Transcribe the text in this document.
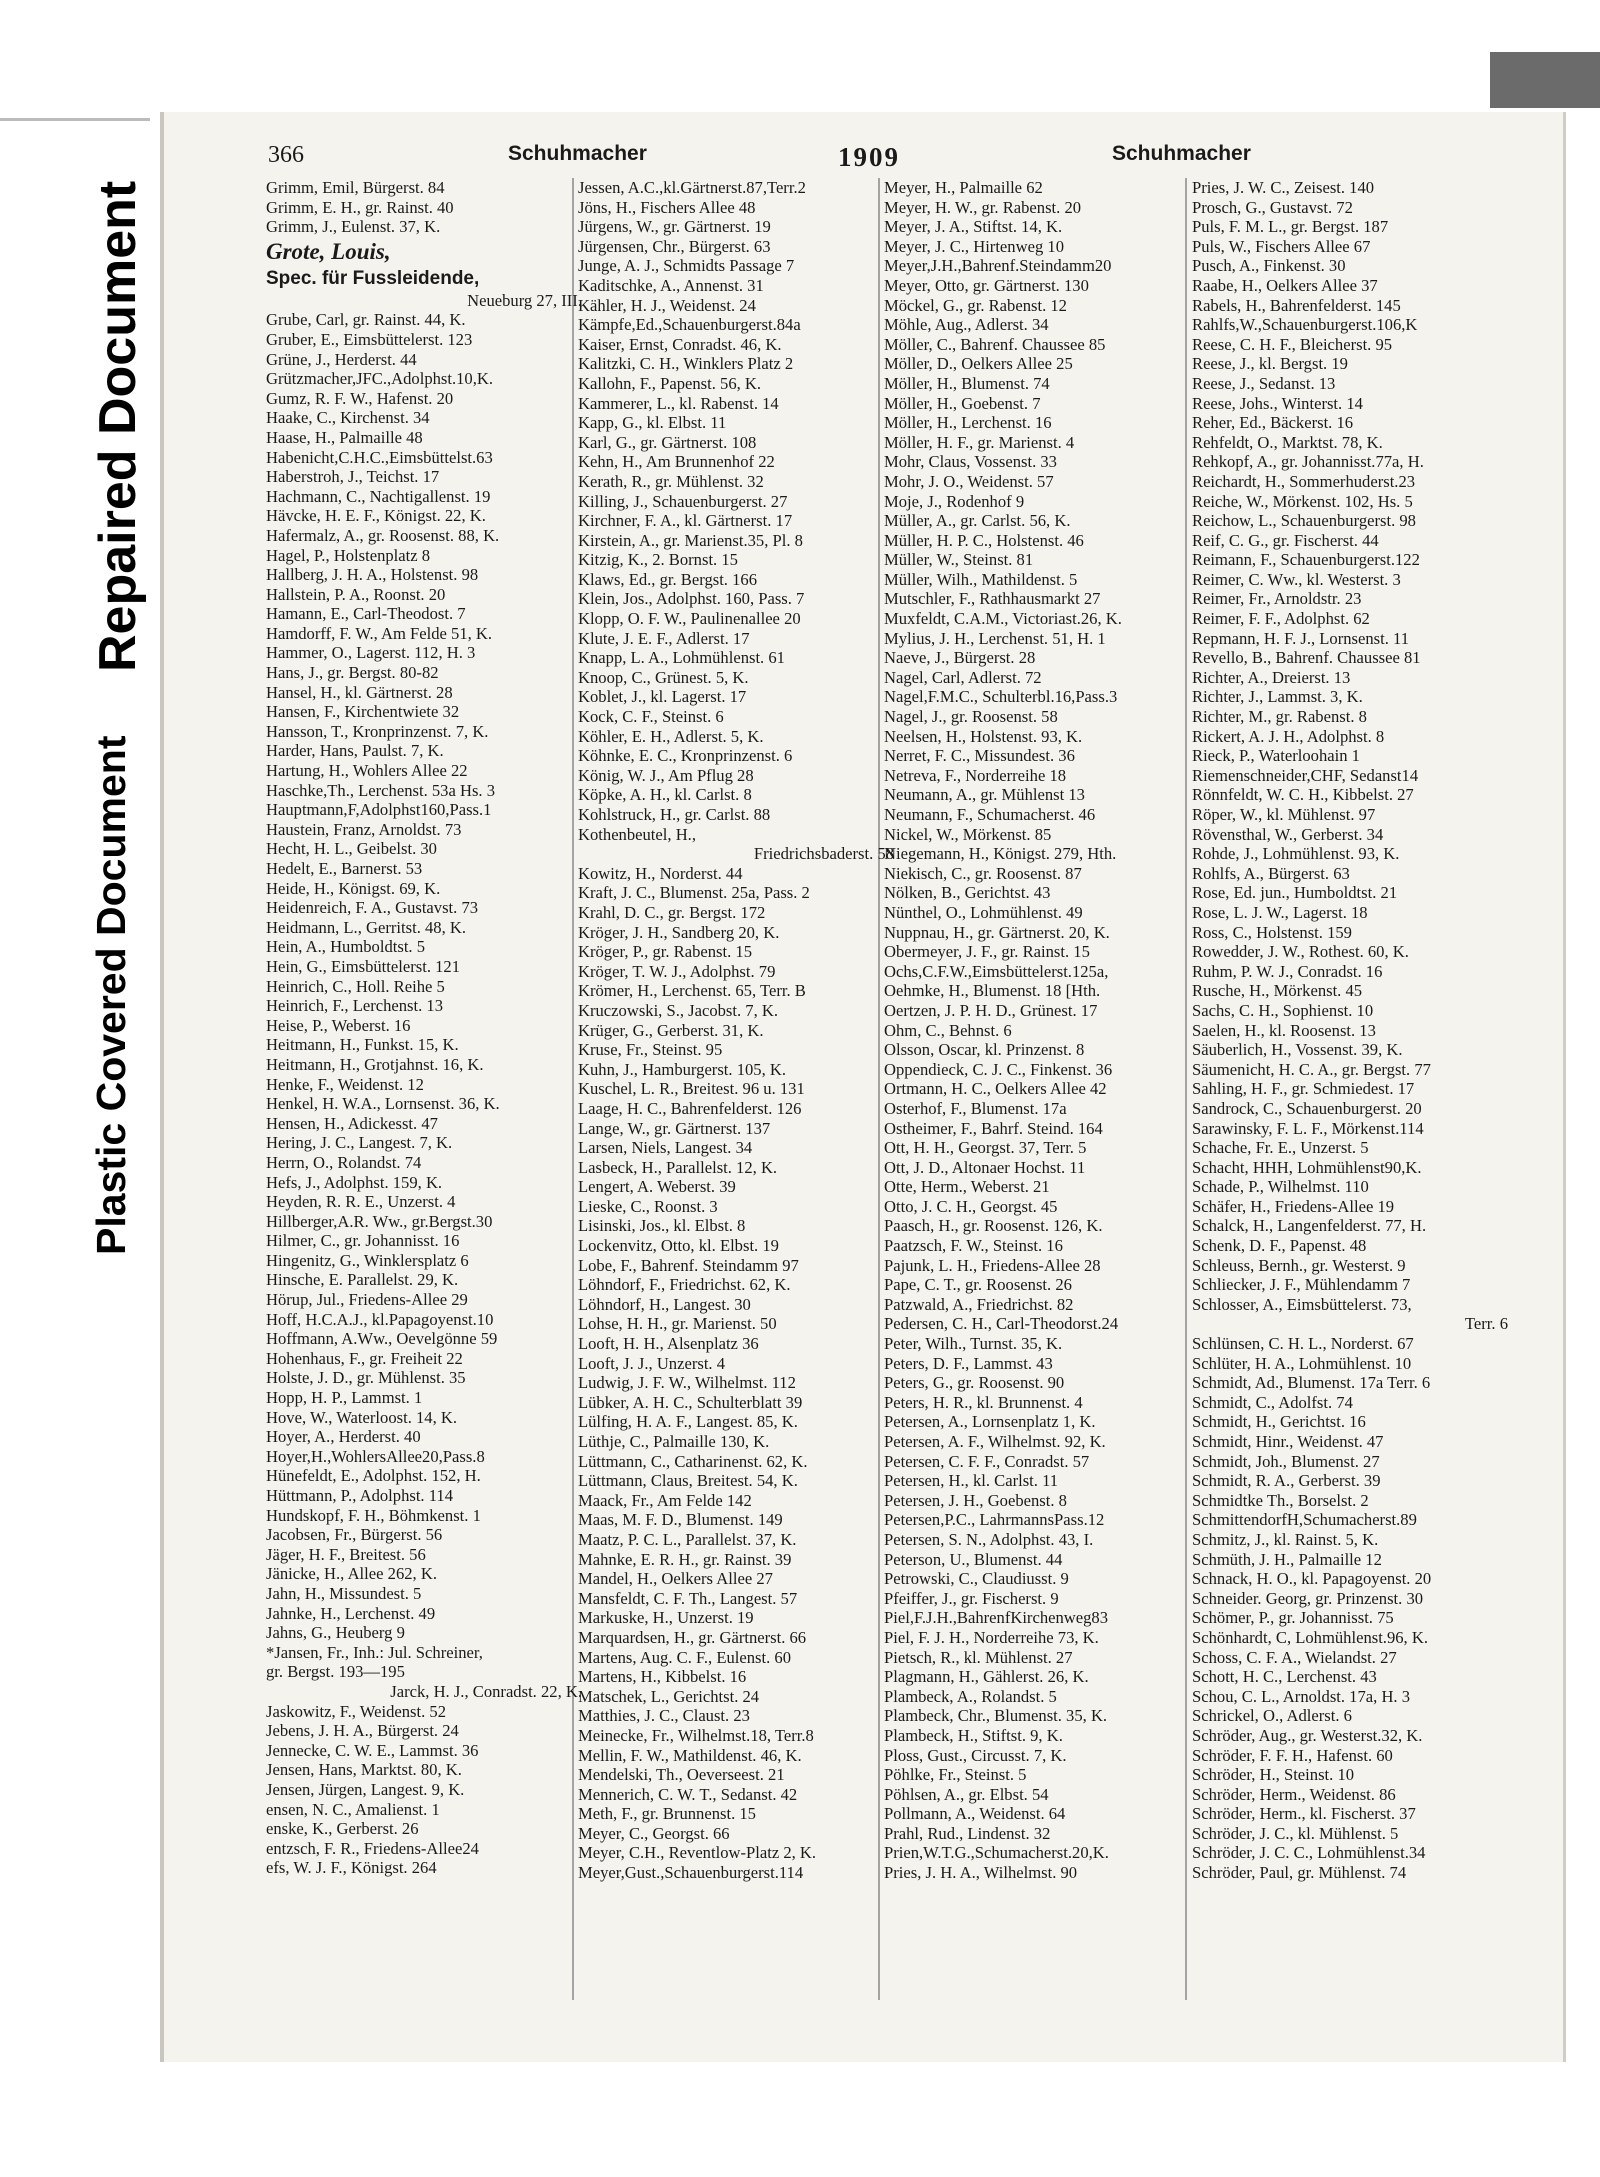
Plastic Covered Document
Repaired Document
366	Schuhmacher	1909	Schuhmacher
Grimm, Emil, Bürgerst. 84
Grimm, E. H., gr. Rainst. 40
Grimm, J., Eulenst. 37, K.
Grote, Louis,
Spec. für Fussleidende,
Neueburg 27, III.
Grube, Carl, gr. Rainst. 44, K.
Gruber, E., Eimsbüttelerst. 123
Grüne, J., Herderst. 44
Grützmacher,JFC.,Adolphst.10,K.
Gumz, R. F. W., Hafenst. 20
Haake, C., Kirchenst. 34
Haase, H., Palmaille 48
Habenicht,C.H.C.,Eimsbüttelst.63
Haberstroh, J., Teichst. 17
Hachmann, C., Nachtigallenst. 19
Hävcke, H. E. F., Königst. 22, K.
Hafermalz, A., gr. Roosenst. 88, K.
Hagel, P., Holstenplatz 8
Hallberg, J. H. A., Holstenst. 98
Hallstein, P. A., Roonst. 20
Hamann, E., Carl-Theodost. 7
Hamdorff, F. W., Am Felde 51, K.
Hammer, O., Lagerst. 112, H. 3
Hans, J., gr. Bergst. 80-82
Hansel, H., kl. Gärtnerst. 28
Hansen, F., Kirchentwiete 32
Hansson, T., Kronprinzenst. 7, K.
Harder, Hans, Paulst. 7, K.
Hartung, H., Wohlers Allee 22
Haschke,Th., Lerchenst. 53a Hs. 3
Hauptmann,F,Adolphst160,Pass.1
Haustein, Franz, Arnoldst. 73
Hecht, H. L., Geibelst. 30
Hedelt, E., Barnerst. 53
Heide, H., Königst. 69, K.
Heidenreich, F. A., Gustavst. 73
Heidmann, L., Gerritst. 48, K.
Hein, A., Humboldtst. 5
Hein, G., Eimsbüttelerst. 121
Heinrich, C., Holl. Reihe 5
Heinrich, F., Lerchenst. 13
Heise, P., Weberst. 16
Heitmann, H., Funkst. 15, K.
Heitmann, H., Grotjahnst. 16, K.
Henke, F., Weidenst. 12
Henkel, H. W.A., Lornsenst. 36, K.
Hensen, H., Adickesst. 47
Hering, J. C., Langest. 7, K.
Herrn, O., Rolandst. 74
Hefs, J., Adolphst. 159, K.
Heyden, R. R. E., Unzerst. 4
Hillberger,A.R. Ww., gr.Bergst.30
Hilmer, C., gr. Johannisst. 16
Hingenitz, G., Winklersplatz 6
Hinsche, E. Parallelst. 29, K.
Hörup, Jul., Friedens-Allee 29
Hoff, H.C.A.J., kl.Papagoyenst.10
Hoffmann, A.Ww., Oevelgönne 59
Hohenhaus, F., gr. Freiheit 22
Holste, J. D., gr. Mühlenst. 35
Hopp, H. P., Lammst. 1
Hove, W., Waterloost. 14, K.
Hoyer, A., Herderst. 40
Hoyer,H.,WohlersAllee20,Pass.8
Hünefeldt, E., Adolphst. 152, H.
Hüttmann, P., Adolphst. 114
Hundskopf, F. H., Böhmkenst. 1
Jacobsen, Fr., Bürgerst. 56
Jäger, H. F., Breitest. 56
Jänicke, H., Allee 262, K.
Jahn, H., Missundest. 5
Jahnke, H., Lerchenst. 49
Jahns, G., Heuberg 9
*Jansen, Fr., Inh.: Jul. Schreiner,
gr. Bergst. 193—195
Jarck, H. J., Conradst. 22, K.
Jaskowitz, F., Weidenst. 52
Jebens, J. H. A., Bürgerst. 24
Jennecke, C. W. E., Lammst. 36
Jensen, Hans, Marktst. 80, K.
Jensen, Jürgen, Langest. 9, K.
ensen, N. C., Amalienst. 1
enske, K., Gerberst. 26
entzsch, F. R., Friedens-Allee24
efs, W. J. F., Königst. 264
Jessen, A.C.,kl.Gärtnerst.87,Terr.2
Jöns, H., Fischers Allee 48
Jürgens, W., gr. Gärtnerst. 19
Jürgensen, Chr., Bürgerst. 63
Junge, A. J., Schmidts Passage 7
Kaditschke, A., Annenst. 31
Kähler, H. J., Weidenst. 24
Kämpfe,Ed.,Schauenburgerst.84a
Kaiser, Ernst, Conradst. 46, K.
Kalitzki, C. H., Winklers Platz 2
Kallohn, F., Papenst. 56, K.
Kammerer, L., kl. Rabenst. 14
Kapp, G., kl. Elbst. 11
Karl, G., gr. Gärtnerst. 108
Kehn, H., Am Brunnenhof 22
Kerath, R., gr. Mühlenst. 32
Killing, J., Schauenburgerst. 27
Kirchner, F. A., kl. Gärtnerst. 17
Kirstein, A., gr. Marienst.35, Pl. 8
Kitzig, K., 2. Bornst. 15
Klaws, Ed., gr. Bergst. 166
Klein, Jos., Adolphst. 160, Pass. 7
Klopp, O. F. W., Paulinenallee 20
Klute, J. E. F., Adlerst. 17
Knapp, L. A., Lohmühlenst. 61
Knoop, C., Grünest. 5, K.
Koblet, J., kl. Lagerst. 17
Kock, C. F., Steinst. 6
Köhler, E. H., Adlerst. 5, K.
Köhnke, E. C., Kronprinzenst. 6
König, W. J., Am Pflug 28
Köpke, A. H., kl. Carlst. 8
Kohlstruck, H., gr. Carlst. 88
Kothenbeutel, H.,
Friedrichsbaderst. 58
Kowitz, H., Norderst. 44
Kraft, J. C., Blumenst. 25a, Pass. 2
Krahl, D. C., gr. Bergst. 172
Kröger, J. H., Sandberg 20, K.
Kröger, P., gr. Rabenst. 15
Kröger, T. W. J., Adolphst. 79
Krömer, H., Lerchenst. 65, Terr. B
Kruczowski, S., Jacobst. 7, K.
Krüger, G., Gerberst. 31, K.
Kruse, Fr., Steinst. 95
Kuhn, J., Hamburgerst. 105, K.
Kuschel, L. R., Breitest. 96 u. 131
Laage, H. C., Bahrenfelderst. 126
Lange, W., gr. Gärtnerst. 137
Larsen, Niels, Langest. 34
Lasbeck, H., Parallelst. 12, K.
Lengert, A. Weberst. 39
Lieske, C., Roonst. 3
Lisinski, Jos., kl. Elbst. 8
Lockenvitz, Otto, kl. Elbst. 19
Lobe, F., Bahrenf. Steindamm 97
Löhndorf, F., Friedrichst. 62, K.
Löhndorf, H., Langest. 30
Lohse, H. H., gr. Marienst. 50
Looft, H. H., Alsenplatz 36
Looft, J. J., Unzerst. 4
Ludwig, J. F. W., Wilhelmst. 112
Lübker, A. H. C., Schulterblatt 39
Lülfing, H. A. F., Langest. 85, K.
Lüthje, C., Palmaille 130, K.
Lüttmann, C., Catharinenst. 62, K.
Lüttmann, Claus, Breitest. 54, K.
Maack, Fr., Am Felde 142
Maas, M. F. D., Blumenst. 149
Maatz, P. C. L., Parallelst. 37, K.
Mahnke, E. R. H., gr. Rainst. 39
Mandel, H., Oelkers Allee 27
Mansfeldt, C. F. Th., Langest. 57
Markuske, H., Unzerst. 19
Marquardsen, H., gr. Gärtnerst. 66
Martens, Aug. C. F., Eulenst. 60
Martens, H., Kibbelst. 16
Matschek, L., Gerichtst. 24
Matthies, J. C., Claust. 23
Meinecke, Fr., Wilhelmst.18, Terr.8
Mellin, F. W., Mathildenst. 46, K.
Mendelski, Th., Oeverseest. 21
Mennerich, C. W. T., Sedanst. 42
Meth, F., gr. Brunnenst. 15
Meyer, C., Georgst. 66
Meyer, C.H., Reventlow-Platz 2, K.
Meyer,Gust.,Schauenburgerst.114
Meyer, H., Palmaille 62
Meyer, H. W., gr. Rabenst. 20
Meyer, J. A., Stiftst. 14, K.
Meyer, J. C., Hirtenweg 10
Meyer,J.H.,Bahrenf.Steindamm20
Meyer, Otto, gr. Gärtnerst. 130
Möckel, G., gr. Rabenst. 12
Möhle, Aug., Adlerst. 34
Möller, C., Bahrenf. Chaussee 85
Möller, D., Oelkers Allee 25
Möller, H., Blumenst. 74
Möller, H., Goebenst. 7
Möller, H., Lerchenst. 16
Möller, H. F., gr. Marienst. 4
Mohr, Claus, Vossenst. 33
Mohr, J. O., Weidenst. 57
Moje, J., Rodenhof 9
Müller, A., gr. Carlst. 56, K.
Müller, H. P. C., Holstenst. 46
Müller, W., Steinst. 81
Müller, Wilh., Mathildenst. 5
Mutschler, F., Rathhausmarkt 27
Muxfeldt, C.A.M., Victoriast.26, K.
Mylius, J. H., Lerchenst. 51, H. 1
Naeve, J., Bürgerst. 28
Nagel, Carl, Adlerst. 72
Nagel,F.M.C., Schulterbl.16,Pass.3
Nagel, J., gr. Roosenst. 58
Neelsen, H., Holstenst. 93, K.
Nerret, F. C., Missundest. 36
Netreva, F., Norderreihe 18
Neumann, A., gr. Mühlenst 13
Neumann, F., Schumacherst. 46
Nickel, W., Mörkenst. 85
Niegemann, H., Königst. 279, Hth.
Niekisch, C., gr. Roosenst. 87
Nölken, B., Gerichtst. 43
Nünthel, O., Lohmühlenst. 49
Nuppnau, H., gr. Gärtnerst. 20, K.
Obermeyer, J. F., gr. Rainst. 15
Ochs,C.F.W.,Eimsbüttelerst.125a,
Oehmke, H., Blumenst. 18 [Hth.
Oertzen, J. P. H. D., Grünest. 17
Ohm, C., Behnst. 6
Olsson, Oscar, kl. Prinzenst. 8
Oppendieck, C. J. C., Finkenst. 36
Ortmann, H. C., Oelkers Allee 42
Osterhof, F., Blumenst. 17a
Ostheimer, F., Bahrf. Steind. 164
Ott, H. H., Georgst. 37, Terr. 5
Ott, J. D., Altonaer Hochst. 11
Otte, Herm., Weberst. 21
Otto, J. C. H., Georgst. 45
Paasch, H., gr. Roosenst. 126, K.
Paatzsch, F. W., Steinst. 16
Pajunk, L. H., Friedens-Allee 28
Pape, C. T., gr. Roosenst. 26
Patzwald, A., Friedrichst. 82
Pedersen, C. H., Carl-Theodorst.24
Peter, Wilh., Turnst. 35, K.
Peters, D. F., Lammst. 43
Peters, G., gr. Roosenst. 90
Peters, H. R., kl. Brunnenst. 4
Petersen, A., Lornsenplatz 1, K.
Petersen, A. F., Wilhelmst. 92, K.
Petersen, C. F. F., Conradst. 57
Petersen, H., kl. Carlst. 11
Petersen, J. H., Goebenst. 8
Petersen,P.C., LahrmannsPass.12
Petersen, S. N., Adolphst. 43, I.
Peterson, U., Blumenst. 44
Petrowski, C., Claudiusst. 9
Pfeiffer, J., gr. Fischerst. 9
Piel,F.J.H.,BahrenfKirchenweg83
Piel, F. J. H., Norderreihe 73, K.
Pietsch, R., kl. Mühlenst. 27
Plagmann, H., Gählerst. 26, K.
Plambeck, A., Rolandst. 5
Plambeck, Chr., Blumenst. 35, K.
Plambeck, H., Stiftst. 9, K.
Ploss, Gust., Circusst. 7, K.
Pöhlke, Fr., Steinst. 5
Pöhlsen, A., gr. Elbst. 54
Pollmann, A., Weidenst. 64
Prahl, Rud., Lindenst. 32
Prien,W.T.G.,Schumacherst.20,K.
Pries, J. H. A., Wilhelmst. 90
Pries, J. W. C., Zeisest. 140
Prosch, G., Gustavst. 72
Puls, F. M. L., gr. Bergst. 187
Puls, W., Fischers Allee 67
Pusch, A., Finkenst. 30
Raabe, H., Oelkers Allee 37
Rabels, H., Bahrenfelderst. 145
Rahlfs,W.,Schauenburgerst.106,K
Reese, C. H. F., Bleicherst. 95
Reese, J., kl. Bergst. 19
Reese, J., Sedanst. 13
Reese, Johs., Winterst. 14
Reher, Ed., Bäckerst. 16
Rehfeldt, O., Marktst. 78, K.
Rehkopf, A., gr. Johannisst.77a, H.
Reichardt, H., Sommerhuderst.23
Reiche, W., Mörkenst. 102, Hs. 5
Reichow, L., Schauenburgerst. 98
Reif, C. G., gr. Fischerst. 44
Reimann, F., Schauenburgerst.122
Reimer, C. Ww., kl. Westerst. 3
Reimer, Fr., Arnoldstr. 23
Reimer, F. F., Adolphst. 62
Repmann, H. F. J., Lornsenst. 11
Revello, B., Bahrenf. Chaussee 81
Richter, A., Dreierst. 13
Richter, J., Lammst. 3, K.
Richter, M., gr. Rabenst. 8
Rickert, A. J. H., Adolphst. 8
Rieck, P., Waterloohain 1
Riemenschneider,CHF, Sedanst14
Rönnfeldt, W. C. H., Kibbelst. 27
Röper, W., kl. Mühlenst. 97
Rövensthal, W., Gerberst. 34
Rohde, J., Lohmühlenst. 93, K.
Rohlfs, A., Bürgerst. 63
Rose, Ed. jun., Humboldtst. 21
Rose, L. J. W., Lagerst. 18
Ross, C., Holstenst. 159
Rowedder, J. W., Rothest. 60, K.
Ruhm, P. W. J., Conradst. 16
Rusche, H., Mörkenst. 45
Sachs, C. H., Sophienst. 10
Saelen, H., kl. Roosenst. 13
Säuberlich, H., Vossenst. 39, K.
Säumenicht, H. C. A., gr. Bergst. 77
Sahling, H. F., gr. Schmiedest. 17
Sandrock, C., Schauenburgerst. 20
Sarawinsky, F. L. F., Mörkenst.114
Schache, Fr. E., Unzerst. 5
Schacht, HHH, Lohmühlenst90,K.
Schade, P., Wilhelmst. 110
Schäfer, H., Friedens-Allee 19
Schalck, H., Langenfelderst. 77, H.
Schenk, D. F., Papenst. 48
Schleuss, Bernh., gr. Westerst. 9
Schliecker, J. F., Mühlendamm 7
Schlosser, A., Eimsbüttelerst. 73,
Terr. 6
Schlünsen, C. H. L., Norderst. 67
Schlüter, H. A., Lohmühlenst. 10
Schmidt, Ad., Blumenst. 17a Terr. 6
Schmidt, C., Adolfst. 74
Schmidt, H., Gerichtst. 16
Schmidt, Hinr., Weidenst. 47
Schmidt, Joh., Blumenst. 27
Schmidt, R. A., Gerberst. 39
Schmidtke Th., Borselst. 2
SchmittendorfH,Schumacherst.89
Schmitz, J., kl. Rainst. 5, K.
Schmüth, J. H., Palmaille 12
Schnack, H. O., kl. Papagoyenst. 20
Schneider. Georg, gr. Prinzenst. 30
Schömer, P., gr. Johannisst. 75
Schönhardt, C, Lohmühlenst.96, K.
Schoss, C. F. A., Wielandst. 27
Schott, H. C., Lerchenst. 43
Schou, C. L., Arnoldst. 17a, H. 3
Schrickel, O., Adlerst. 6
Schröder, Aug., gr. Westerst.32, K.
Schröder, F. F. H., Hafenst. 60
Schröder, H., Steinst. 10
Schröder, Herm., Weidenst. 86
Schröder, Herm., kl. Fischerst. 37
Schröder, J. C., kl. Mühlenst. 5
Schröder, J. C. C., Lohmühlenst.34
Schröder, Paul, gr. Mühlenst. 74
